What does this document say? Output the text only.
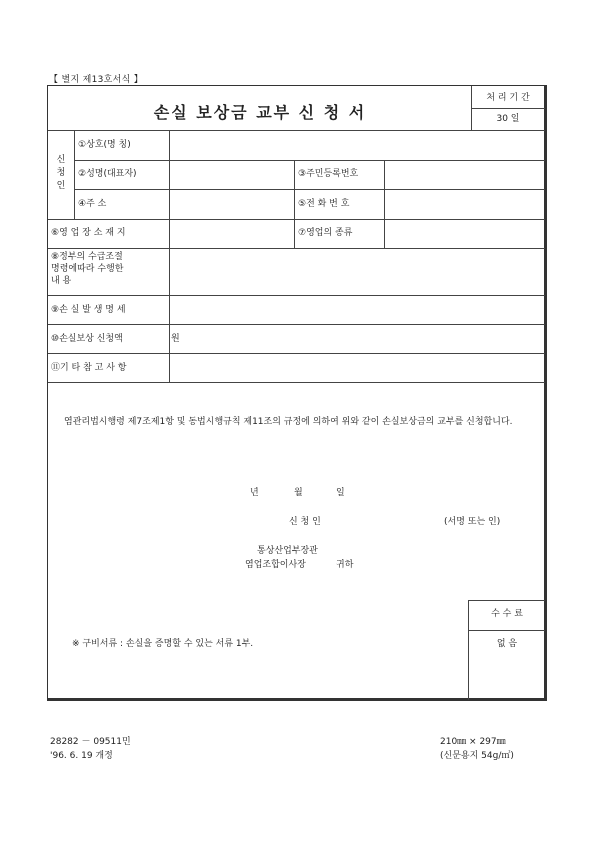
【 별지 제13호서식 】
손실 보상금 교부 신 청 서
처 리 기 간
30 일
신청인
①상호(명 칭)
②성명(대표자)	③주민등록번호
④주 소	⑤전 화 번 호
⑥영 업 장 소 재 지	⑦영업의 종류
⑧정부의 수급조절
명령에따라 수행한
내 용
⑨손 실 발 생 명 세
⑩손실보상 신청액	원
⑪기 타 참 고 사 항
염관리법시행령 제7조제1항 및 동법시행규칙 제11조의 규정에 의하여 위와 같이 손실보상금의 교부를 신청합니다.
년	월	일
신 청 인	(서명 또는 인)
통상산업부장관
염업조합이사장	귀하
※ 구비서류 : 손실을 증명할 수 있는 서류 1부.
수 수 료
없 음
28282 － 09511민
'96. 6. 19 개정
210㎜ × 297㎜
(신문용지 54g/㎡)
